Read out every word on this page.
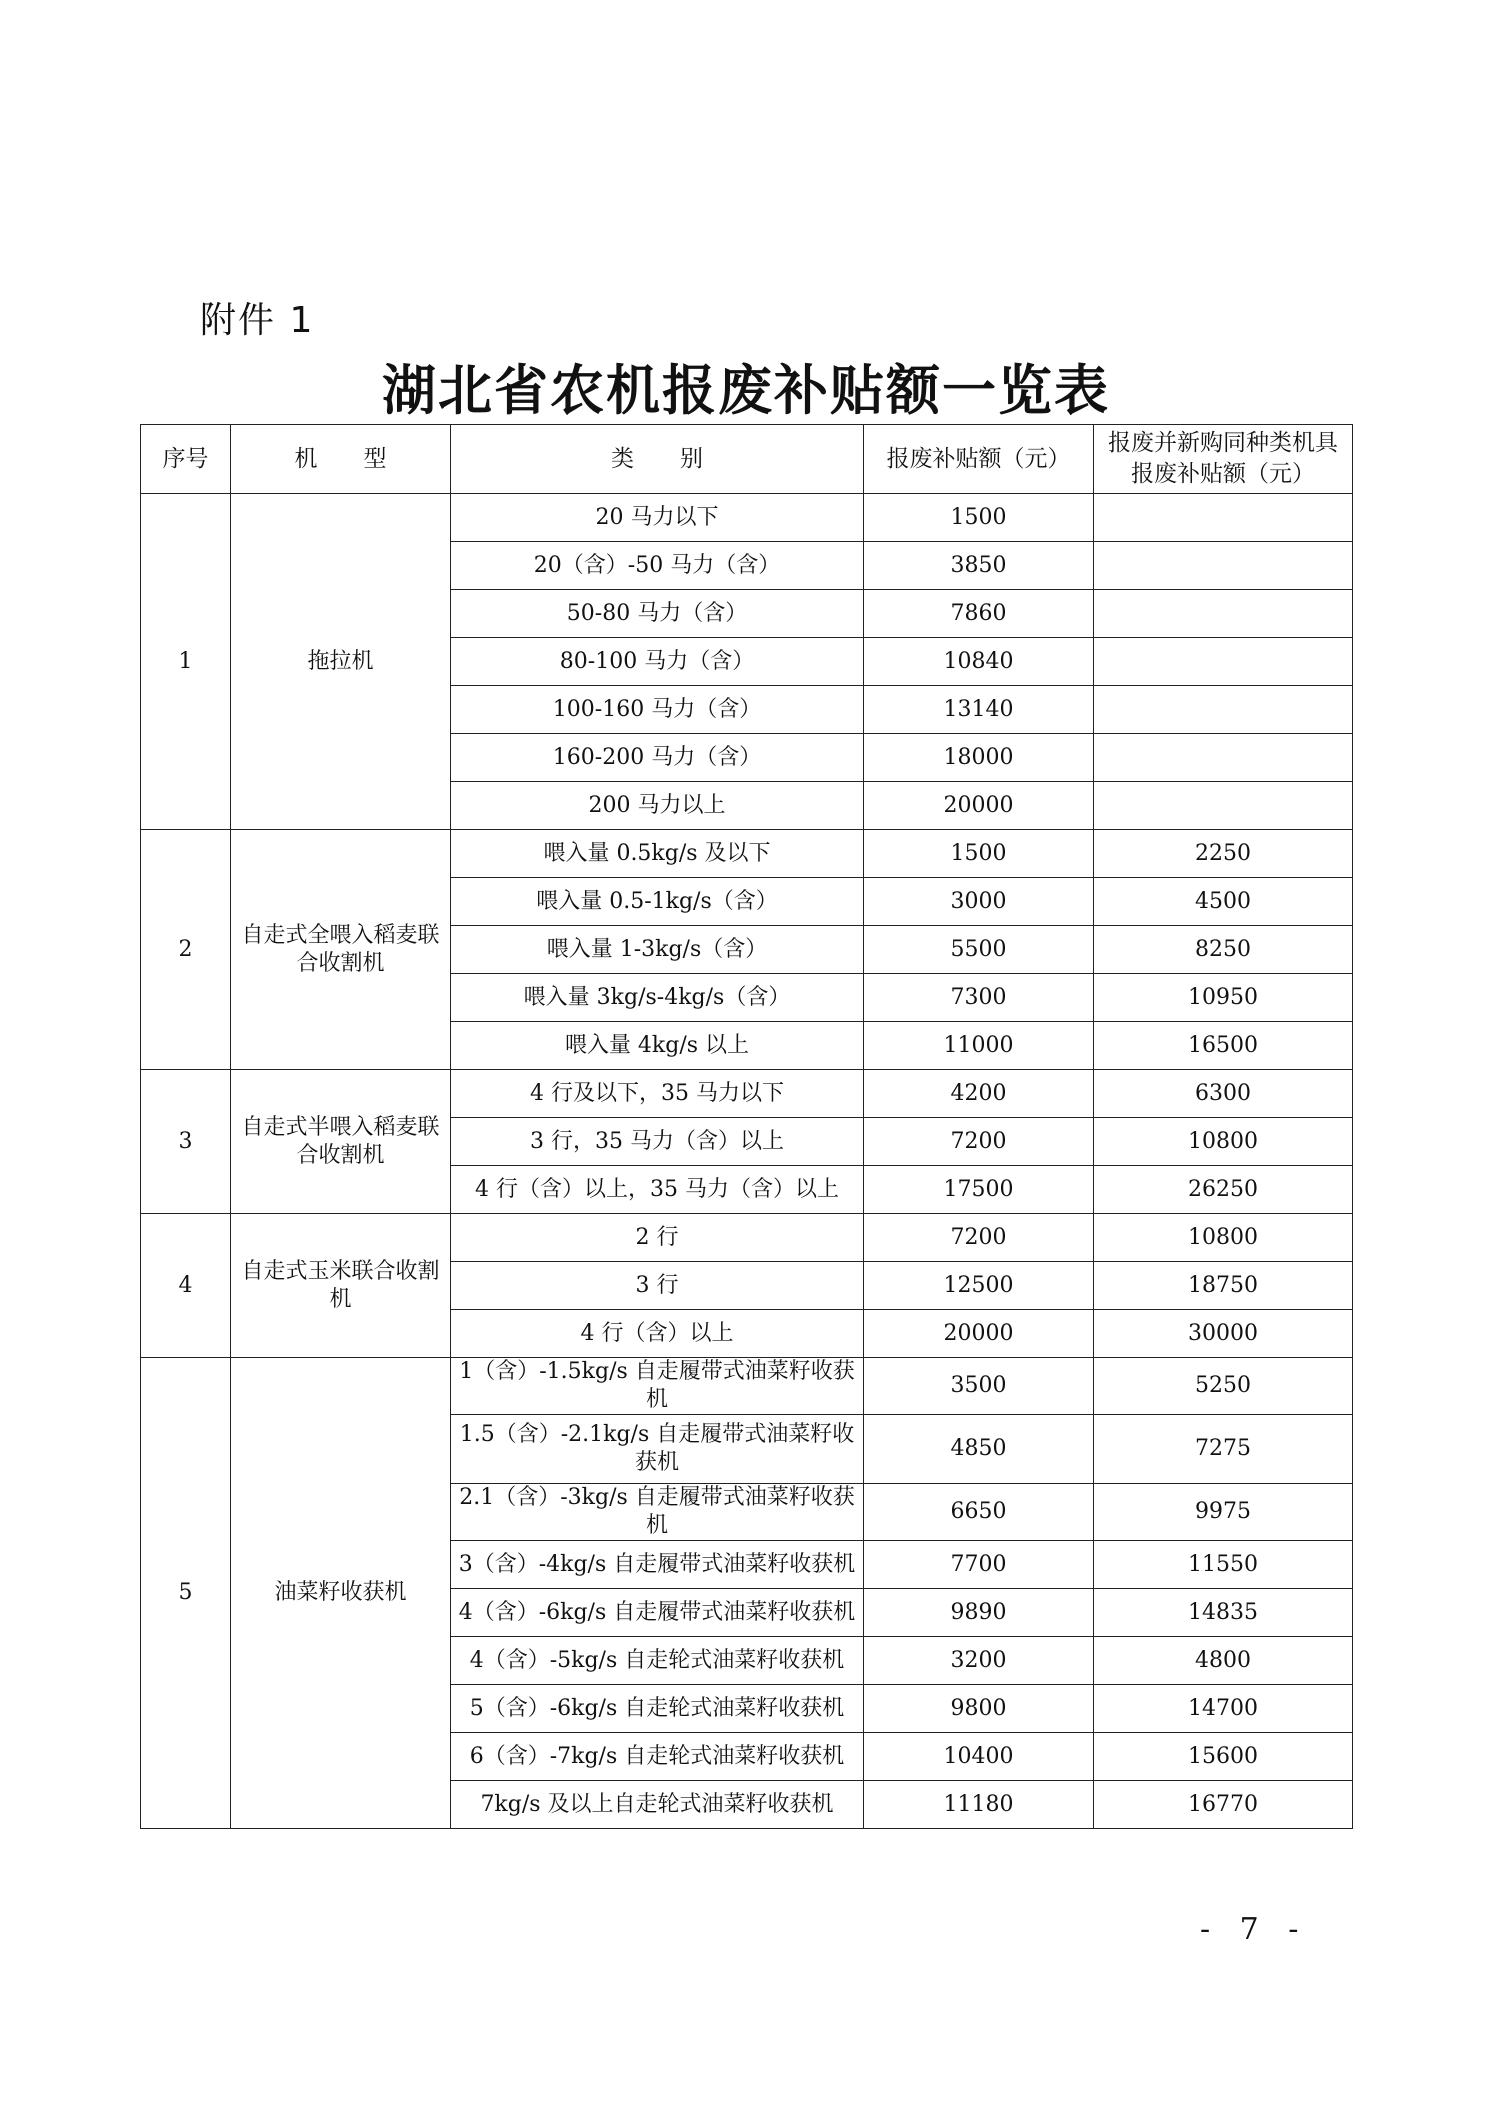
附件 1
湖北省农机报废补贴额一览表
序号	机　　型	类　　别	报废补贴额（元）	报废并新购同种类机具报废补贴额（元）
1	拖拉机	20 马力以下	1500	
		20（含）-50 马力（含）	3850	
		50-80 马力（含）	7860	
		80-100 马力（含）	10840	
		100-160 马力（含）	13140	
		160-200 马力（含）	18000	
		200 马力以上	20000	
2	自走式全喂入稻麦联合收割机	喂入量 0.5kg/s 及以下	1500	2250
		喂入量 0.5-1kg/s（含）	3000	4500
		喂入量 1-3kg/s（含）	5500	8250
		喂入量 3kg/s-4kg/s（含）	7300	10950
		喂入量 4kg/s 以上	11000	16500
3	自走式半喂入稻麦联合收割机	4 行及以下，35 马力以下	4200	6300
		3 行，35 马力（含）以上	7200	10800
		4 行（含）以上，35 马力（含）以上	17500	26250
4	自走式玉米联合收割机	2 行	7200	10800
		3 行	12500	18750
		4 行（含）以上	20000	30000
5	油菜籽收获机	1（含）-1.5kg/s 自走履带式油菜籽收获机	3500	5250
		1.5（含）-2.1kg/s 自走履带式油菜籽收获机	4850	7275
		2.1（含）-3kg/s 自走履带式油菜籽收获机	6650	9975
		3（含）-4kg/s 自走履带式油菜籽收获机	7700	11550
		4（含）-6kg/s 自走履带式油菜籽收获机	9890	14835
		4（含）-5kg/s 自走轮式油菜籽收获机	3200	4800
		5（含）-6kg/s 自走轮式油菜籽收获机	9800	14700
		6（含）-7kg/s 自走轮式油菜籽收获机	10400	15600
		7kg/s 及以上自走轮式油菜籽收获机	11180	16770
- 7 -
